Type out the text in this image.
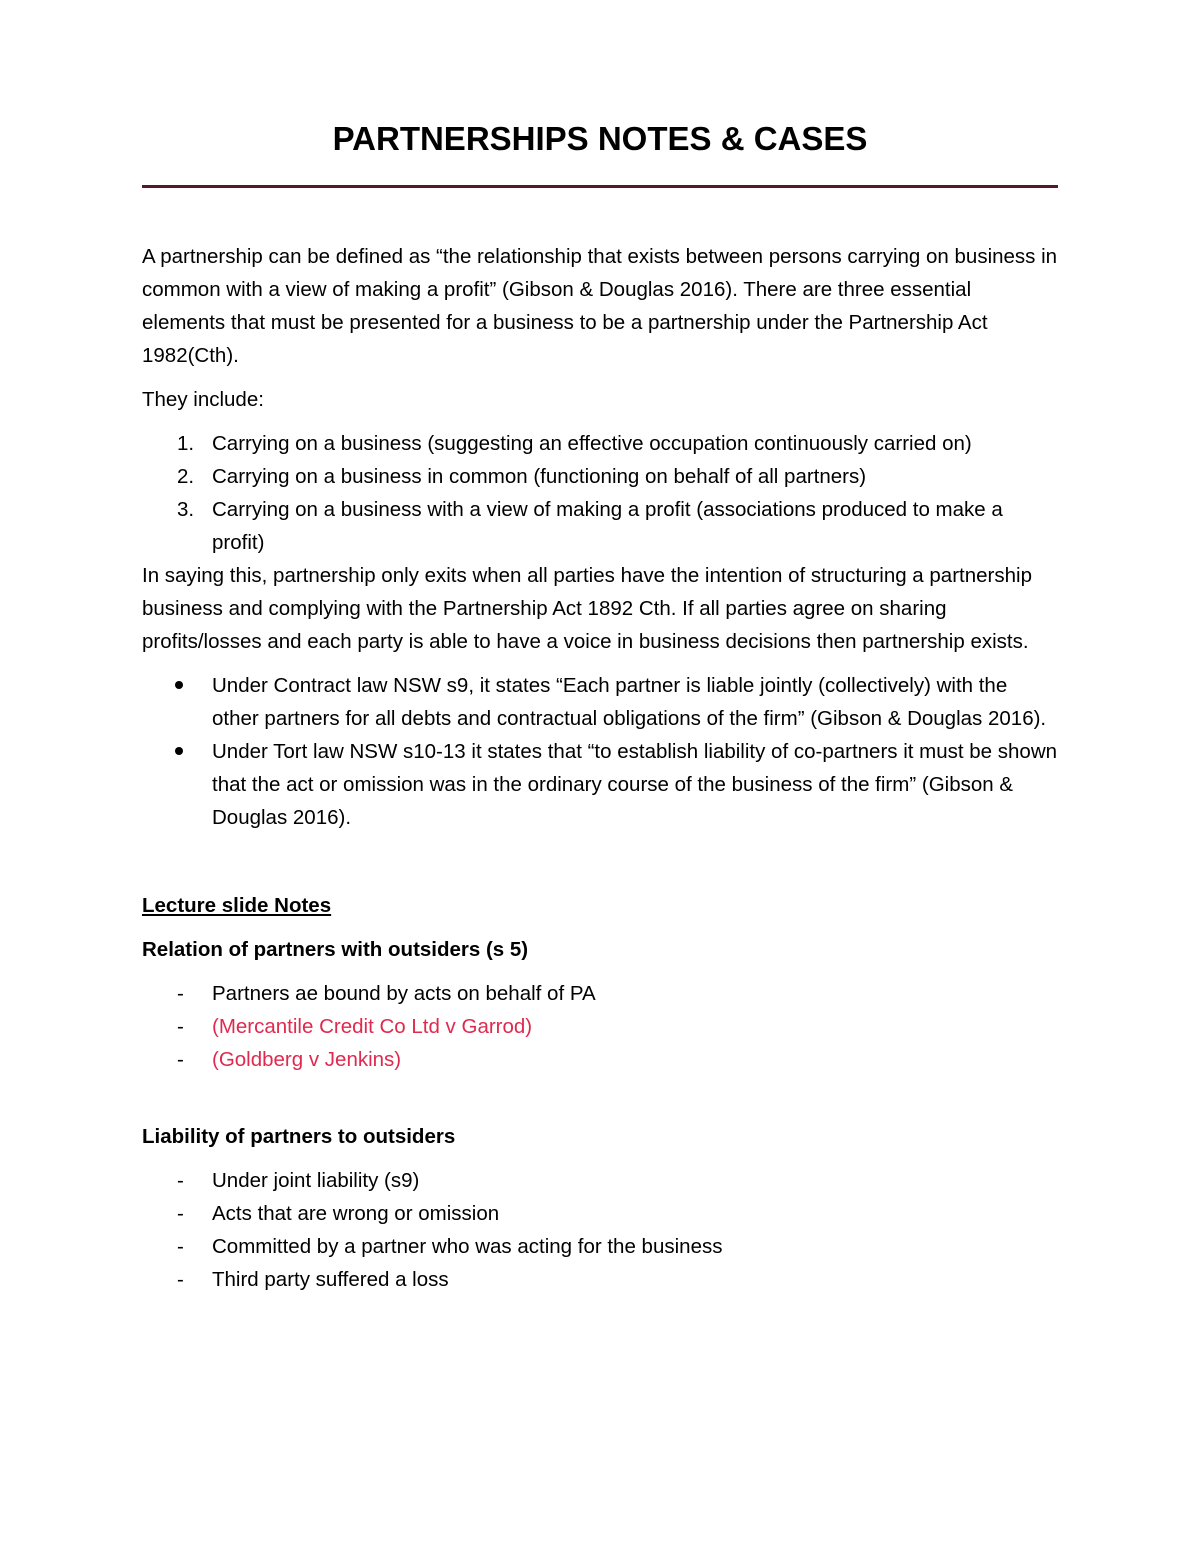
PARTNERSHIPS NOTES & CASES

A partnership can be defined as “the relationship that exists between persons carrying on business in common with a view of making a profit” (Gibson & Douglas 2016). There are three essential elements that must be presented for a business to be a partnership under the Partnership Act 1982(Cth).

They include:

1. Carrying on a business (suggesting an effective occupation continuously carried on)
2. Carrying on a business in common (functioning on behalf of all partners)
3. Carrying on a business with a view of making a profit (associations produced to make a profit)

In saying this, partnership only exits when all parties have the intention of structuring a partnership business and complying with the Partnership Act 1892 Cth. If all parties agree on sharing profits/losses and each party is able to have a voice in business decisions then partnership exists.

Under Contract law NSW s9, it states “Each partner is liable jointly (collectively) with the other partners for all debts and contractual obligations of the firm” (Gibson & Douglas 2016).
Under Tort law NSW s10-13 it states that “to establish liability of co-partners it must be shown that the act or omission was in the ordinary course of the business of the firm” (Gibson & Douglas 2016).

Lecture slide Notes

Relation of partners with outsiders (s 5)

- Partners ae bound by acts on behalf of PA
- (Mercantile Credit Co Ltd v Garrod)
- (Goldberg v Jenkins)

Liability of partners to outsiders

- Under joint liability (s9)
- Acts that are wrong or omission
- Committed by a partner who was acting for the business
- Third party suffered a loss
